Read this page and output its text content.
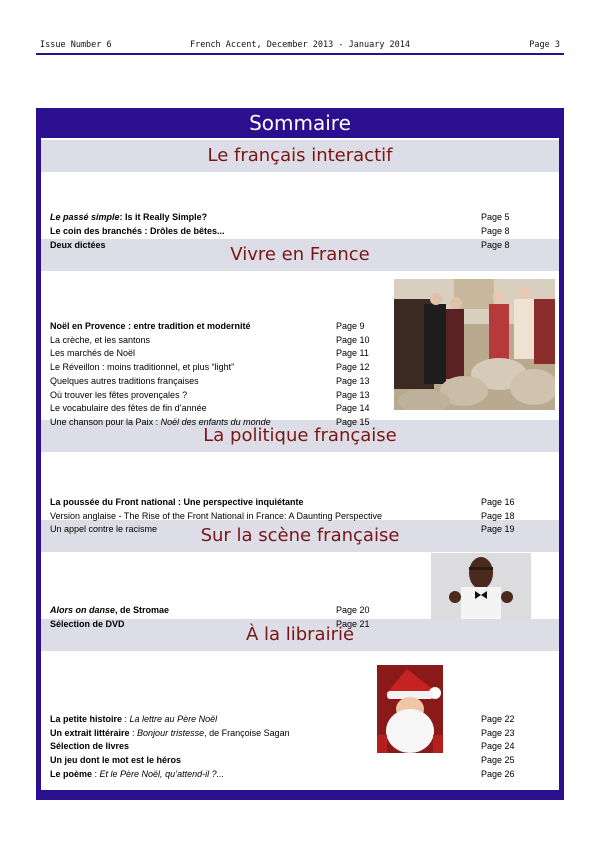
Issue Number 6	French Accent, December 2013 - January 2014	Page 3
Sommaire
Le français interactif
Vivre en France
La politique française
Sur la scène française
À la librairie
Le passé simple: Is it Really Simple?	Page 5
Le coin des branchés : Drôles de bêtes...	Page 8
Deux dictées	Page 8
Noël en Provence : entre tradition et modernité	Page 9
La crèche, et les santons	Page 10
Les marchés de Noël	Page 11
Le Réveillon : moins traditionnel, et plus “light”	Page 12
Quelques autres traditions françaises	Page 13
Où trouver les fêtes provençales ?	Page 13
Le vocabulaire des fêtes de fin d’année	Page 14
Une chanson pour la Paix : Noël des enfants du monde	Page 15
La poussée du Front national : Une perspective inquiétante	Page 16
Version anglaise - The Rise of the Front National in France: A Daunting Perspective	Page 18
Un appel contre le racisme	Page 19
Alors on danse, de Stromae	Page 20
Sélection de DVD	Page 21
La petite histoire : La lettre au Père Noël	Page 22
Un extrait littéraire : Bonjour tristesse, de Françoise Sagan	Page 23
Sélection de livres	Page 24
Un jeu dont le mot est le héros	Page 25
Le poème : Et le Père Noël, qu’attend-il ?...	Page 26
